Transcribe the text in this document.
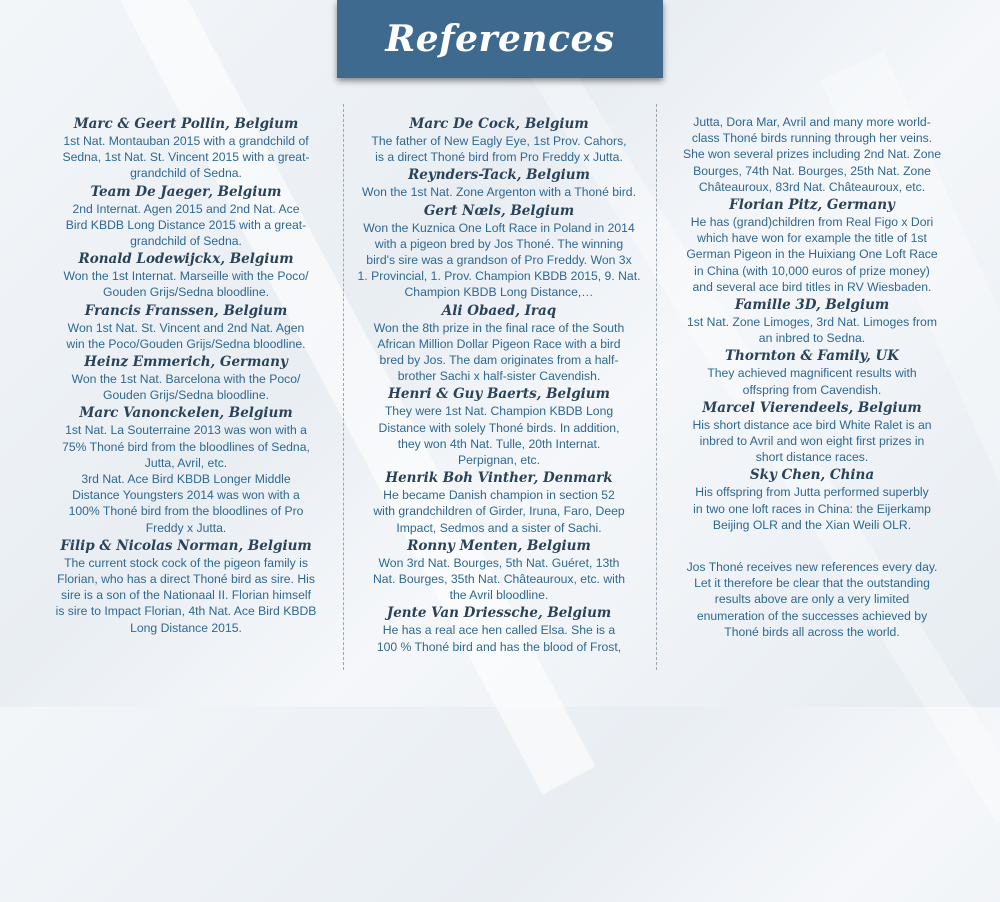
References
Marc & Geert Pollin, Belgium
1st Nat. Montauban 2015 with a grandchild of
Sedna, 1st Nat. St. Vincent 2015 with a great-
grandchild of Sedna.
Team De Jaeger, Belgium
2nd Internat. Agen 2015 and 2nd Nat. Ace
Bird KBDB Long Distance 2015 with a great-
grandchild of Sedna.
Ronald Lodewijckx, Belgium
Won the 1st Internat. Marseille with the Poco/
Gouden Grijs/Sedna bloodline.
Francis Franssen, Belgium
Won 1st Nat. St. Vincent and 2nd Nat. Agen
win the Poco/Gouden Grijs/Sedna bloodline.
Heinz Emmerich, Germany
Won the 1st Nat. Barcelona with the Poco/
Gouden Grijs/Sedna bloodline.
Marc Vanonckelen, Belgium
1st Nat. La Souterraine 2013 was won with a
75% Thoné bird from the bloodlines of Sedna,
Jutta, Avril, etc.
3rd Nat. Ace Bird KBDB Longer Middle
Distance Youngsters 2014 was won with a
100% Thoné bird from the bloodlines of Pro
Freddy x Jutta.
Filip & Nicolas Norman, Belgium
The current stock cock of the pigeon family is
Florian, who has a direct Thoné bird as sire. His
sire is a son of the Nationaal II. Florian himself
is sire to Impact Florian, 4th Nat. Ace Bird KBDB
Long Distance 2015.
Marc De Cock, Belgium
The father of New Eagly Eye, 1st Prov. Cahors,
is a direct Thoné bird from Pro Freddy x Jutta.
Reynders-Tack, Belgium
Won the 1st Nat. Zone Argenton with a Thoné bird.
Gert Nœls, Belgium
Won the Kuznica One Loft Race in Poland in 2014
with a pigeon bred by Jos Thoné. The winning
bird's sire was a grandson of Pro Freddy. Won 3x
1. Provincial, 1. Prov. Champion KBDB 2015, 9. Nat.
Champion KBDB Long Distance,…
Ali Obaed, Iraq
Won the 8th prize in the final race of the South
African Million Dollar Pigeon Race with a bird
bred by Jos. The dam originates from a half-
brother Sachi x half-sister Cavendish.
Henri & Guy Baerts, Belgium
They were 1st Nat. Champion KBDB Long
Distance with solely Thoné birds. In addition,
they won 4th Nat. Tulle, 20th Internat.
Perpignan, etc.
Henrik Boh Vinther, Denmark
He became Danish champion in section 52
with grandchildren of Girder, Iruna, Faro, Deep
Impact, Sedmos and a sister of Sachi.
Ronny Menten, Belgium
Won 3rd Nat. Bourges, 5th Nat. Guéret, 13th
Nat. Bourges, 35th Nat. Châteauroux, etc. with
the Avril bloodline.
Jente Van Driessche, Belgium
He has a real ace hen called Elsa. She is a
100 % Thoné bird and has the blood of Frost,
Jutta, Dora Mar, Avril and many more world-
class Thoné birds running through her veins.
She won several prizes including 2nd Nat. Zone
Bourges, 74th Nat. Bourges, 25th Nat. Zone
Châteauroux, 83rd Nat. Châteauroux, etc.
Florian Pitz, Germany
He has (grand)children from Real Figo x Dori
which have won for example the title of 1st
German Pigeon in the Huixiang One Loft Race
in China (with 10,000 euros of prize money)
and several ace bird titles in RV Wiesbaden.
Famille 3D, Belgium
1st Nat. Zone Limoges, 3rd Nat. Limoges from
an inbred to Sedna.
Thornton & Family, UK
They achieved magnificent results with
offspring from Cavendish.
Marcel Vierendeels, Belgium
His short distance ace bird White Ralet is an
inbred to Avril and won eight first prizes in
short distance races.
Sky Chen, China
His offspring from Jutta performed superbly
in two one loft races in China: the Eijerkamp
Beijing OLR and the Xian Weili OLR.
Jos Thoné receives new references every day.
Let it therefore be clear that the outstanding
results above are only a very limited
enumeration of the successes achieved by
Thoné birds all across the world.
